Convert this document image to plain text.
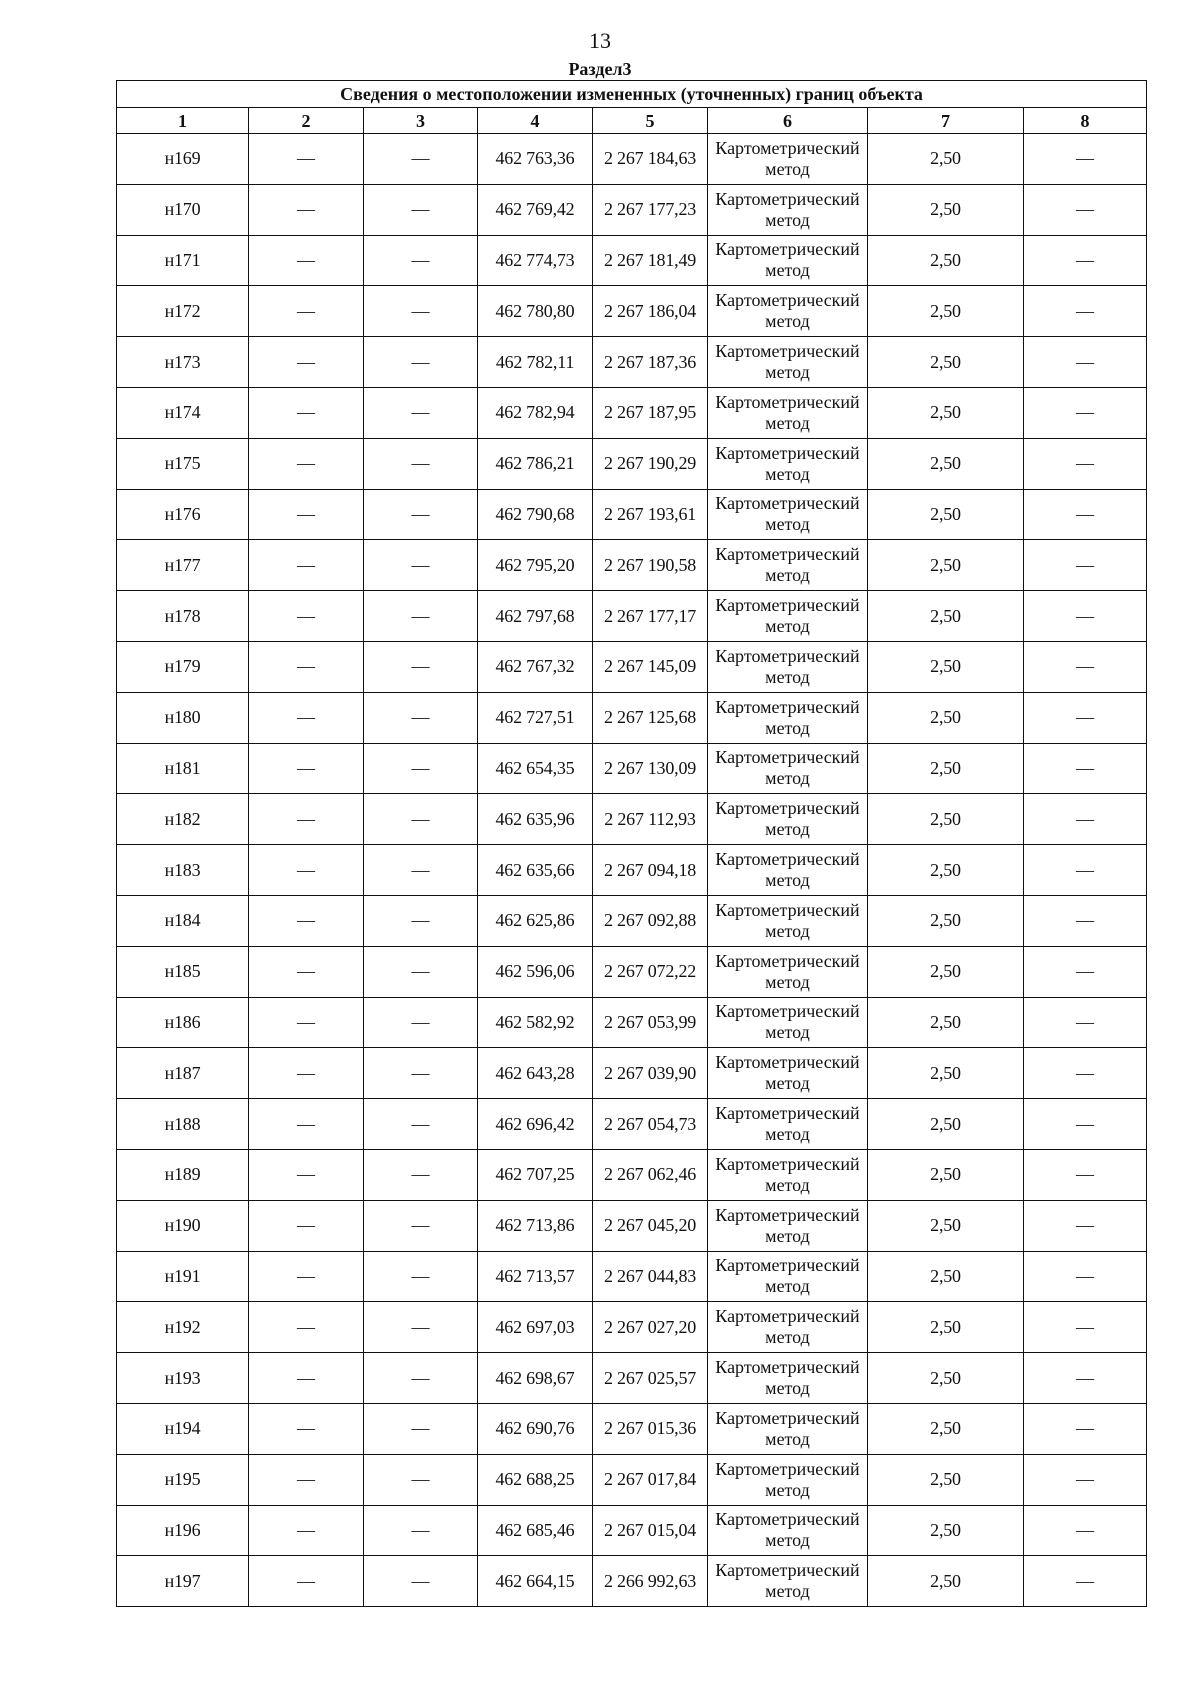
13
Раздел3
Сведения о местоположении измененных (уточненных) границ объекта							
1	2	3	4	5	6	7	8
н169	—	—	462 763,36	2 267 184,63	Картометрический метод	2,50	—
н170	—	—	462 769,42	2 267 177,23	Картометрический метод	2,50	—
н171	—	—	462 774,73	2 267 181,49	Картометрический метод	2,50	—
н172	—	—	462 780,80	2 267 186,04	Картометрический метод	2,50	—
н173	—	—	462 782,11	2 267 187,36	Картометрический метод	2,50	—
н174	—	—	462 782,94	2 267 187,95	Картометрический метод	2,50	—
н175	—	—	462 786,21	2 267 190,29	Картометрический метод	2,50	—
н176	—	—	462 790,68	2 267 193,61	Картометрический метод	2,50	—
н177	—	—	462 795,20	2 267 190,58	Картометрический метод	2,50	—
н178	—	—	462 797,68	2 267 177,17	Картометрический метод	2,50	—
н179	—	—	462 767,32	2 267 145,09	Картометрический метод	2,50	—
н180	—	—	462 727,51	2 267 125,68	Картометрический метод	2,50	—
н181	—	—	462 654,35	2 267 130,09	Картометрический метод	2,50	—
н182	—	—	462 635,96	2 267 112,93	Картометрический метод	2,50	—
н183	—	—	462 635,66	2 267 094,18	Картометрический метод	2,50	—
н184	—	—	462 625,86	2 267 092,88	Картометрический метод	2,50	—
н185	—	—	462 596,06	2 267 072,22	Картометрический метод	2,50	—
н186	—	—	462 582,92	2 267 053,99	Картометрический метод	2,50	—
н187	—	—	462 643,28	2 267 039,90	Картометрический метод	2,50	—
н188	—	—	462 696,42	2 267 054,73	Картометрический метод	2,50	—
н189	—	—	462 707,25	2 267 062,46	Картометрический метод	2,50	—
н190	—	—	462 713,86	2 267 045,20	Картометрический метод	2,50	—
н191	—	—	462 713,57	2 267 044,83	Картометрический метод	2,50	—
н192	—	—	462 697,03	2 267 027,20	Картометрический метод	2,50	—
н193	—	—	462 698,67	2 267 025,57	Картометрический метод	2,50	—
н194	—	—	462 690,76	2 267 015,36	Картометрический метод	2,50	—
н195	—	—	462 688,25	2 267 017,84	Картометрический метод	2,50	—
н196	—	—	462 685,46	2 267 015,04	Картометрический метод	2,50	—
н197	—	—	462 664,15	2 266 992,63	Картометрический метод	2,50	—
